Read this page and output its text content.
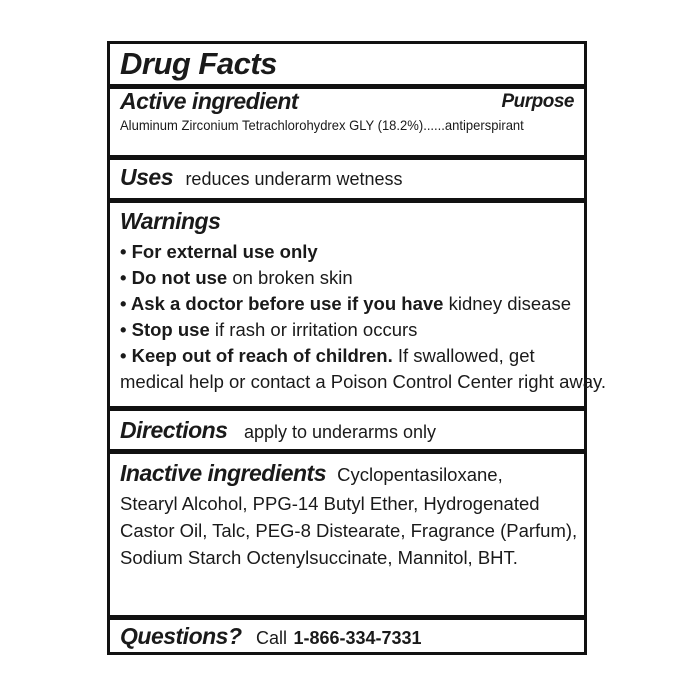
Drug Facts
Active ingredient	Purpose
Aluminum Zirconium Tetrachlorohydrex GLY (18.2%)......antiperspirant
Uses reduces underarm wetness
Warnings
• For external use only
• Do not use on broken skin
• Ask a doctor before use if you have kidney disease
• Stop use if rash or irritation occurs
• Keep out of reach of children. If swallowed, get
medical help or contact a Poison Control Center right away.
Directions apply to underarms only
Inactive ingredients Cyclopentasiloxane,
Stearyl Alcohol, PPG-14 Butyl Ether, Hydrogenated
Castor Oil, Talc, PEG-8 Distearate, Fragrance (Parfum),
Sodium Starch Octenylsuccinate, Mannitol, BHT.
Questions? Call 1-866-334-7331
